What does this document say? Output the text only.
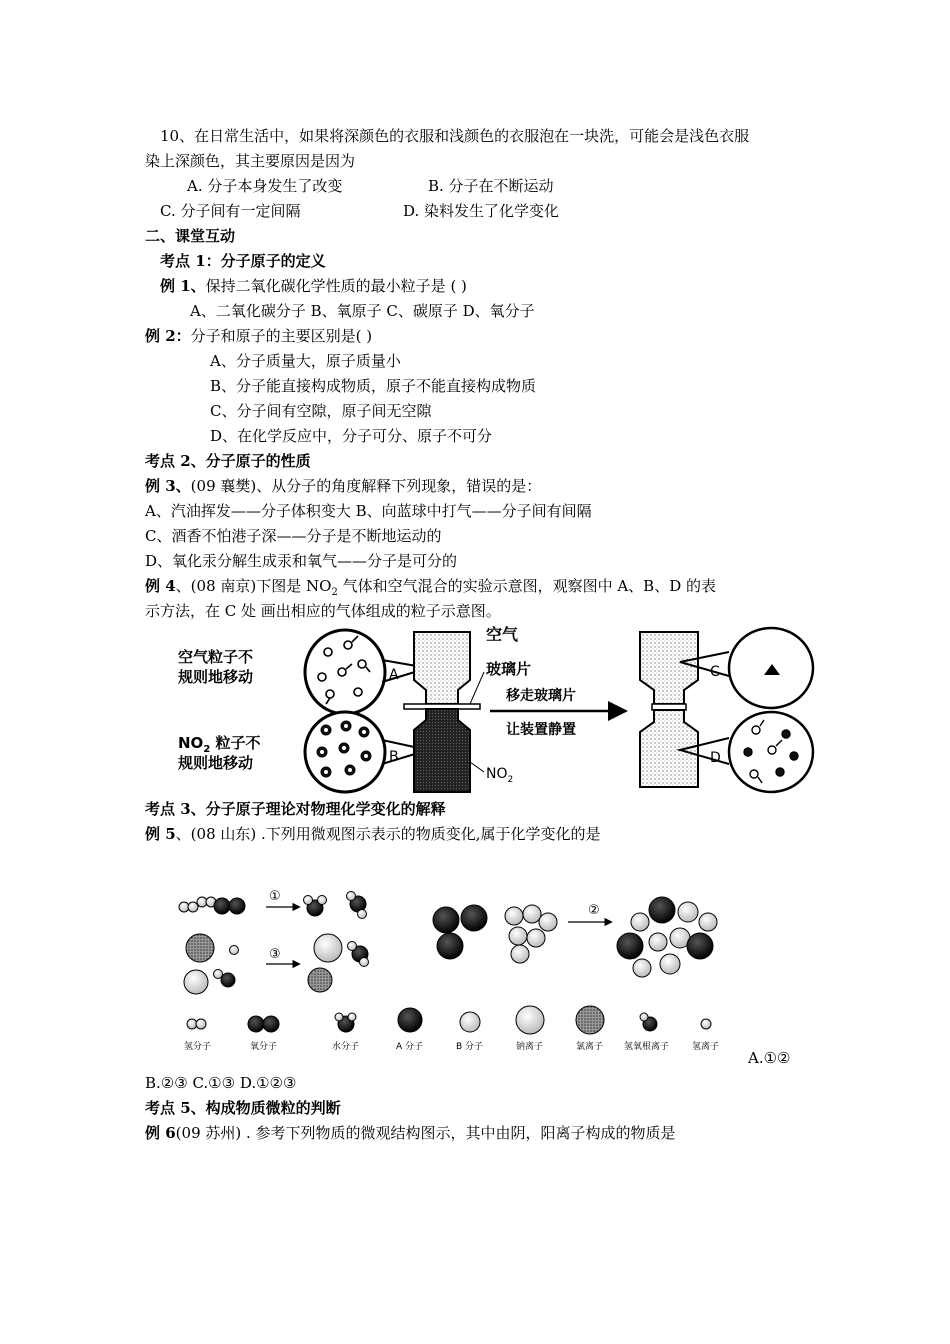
10、在日常生活中，如果将深颜色的衣服和浅颜色的衣服泡在一块洗，可能会是浅色衣服
染上深颜色，其主要原因是因为
A. 分子本身发生了改变	B. 分子在不断运动
C. 分子间有一定间隔	D. 染料发生了化学变化
二、课堂互动
考点 1：分子原子的定义
例 1、保持二氧化碳化学性质的最小粒子是 ( )
A、二氧化碳分子 B、氧原子 C、碳原子 D、氧分子
例 2：分子和原子的主要区别是( )
A、分子质量大，原子质量小
B、分子能直接构成物质，原子不能直接构成物质
C、分子间有空隙，原子间无空隙
D、在化学反应中，分子可分、原子不可分
考点 2、分子原子的性质
例 3、(09 襄樊)、从分子的角度解释下列现象，错误的是：
A、汽油挥发——分子体积变大 B、向蓝球中打气——分子间有间隔
C、酒香不怕港子深——分子是不断地运动的
D、氧化汞分解生成汞和氧气——分子是可分的
例 4、(08 南京)下图是 $NO_2$ 气体和空气混合的实验示意图，观察图中 A、B、D 的表
示方法，在 C 处 画出相应的气体组成的粒子示意图。
空气粒子不
规则地移动
$NO_2$ 粒子不
规则地移动
A
B
空气
玻璃片
$NO_2$
移走玻璃片
让装置静置
C
D
考点 3、分子原子理论对物理化学变化的解释
例 5、(08 山东) .下列用微观图示表示的物质变化,属于化学变化的是
①
③
②
氢分子	氧分子	水分子	A 分子	B 分子	钠离子	氯离子 氢氧根离子	氢离子
A.①②
B.②③ C.①③ D.①②③
考点 5、构成物质微粒的判断
例 6(09 苏州) . 参考下列物质的微观结构图示，其中由阴，阳离子构成的物质是
